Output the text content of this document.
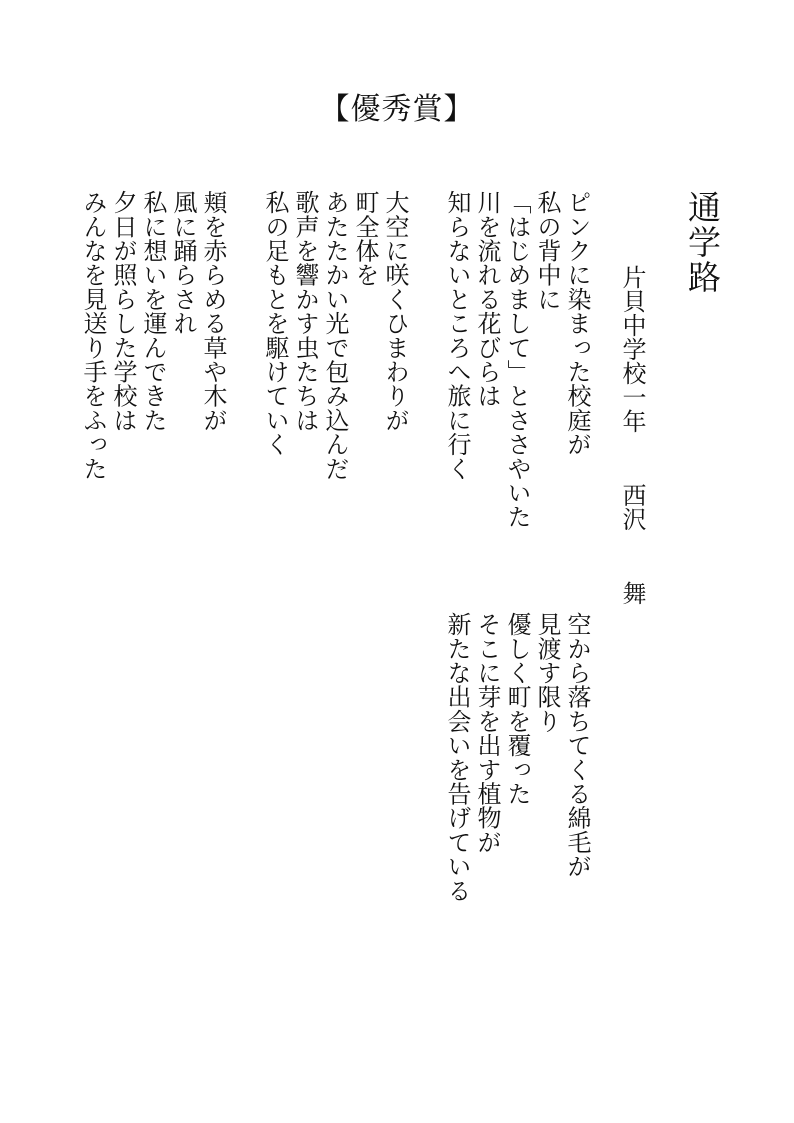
【優秀賞】
通学路
片貝中学校一年
西沢
舞
ピンクに染まった校庭が
私の背中に
「はじめまして」とささやいた
川を流れる花びらは
知らないところへ旅に行く
大空に咲くひまわりが
町全体を
あたたかい光で包み込んだ
歌声を響かす虫たちは
私の足もとを駆けていく
頬を赤らめる草や木が
風に踊らされ
私に想いを運んできた
夕日が照らした学校は
みんなを見送り手をふった
空から落ちてくる綿毛が
見渡す限り
優しく町を覆った
そこに芽を出す植物が
新たな出会いを告げている
